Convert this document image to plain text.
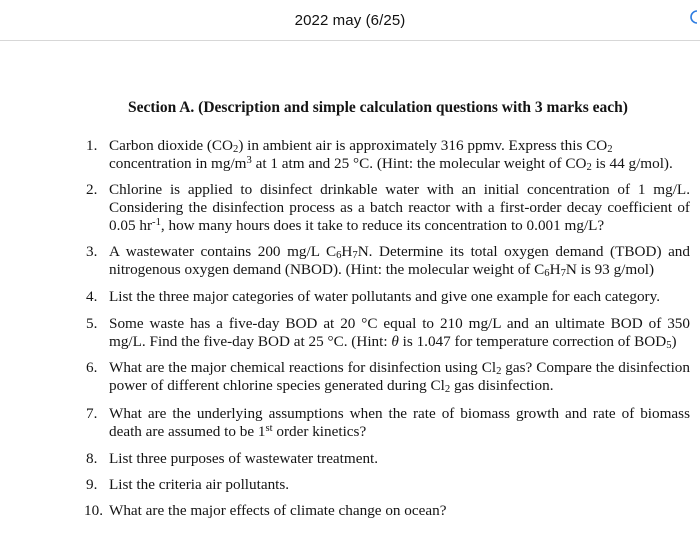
2022 may (6/25)
Section A. (Description and simple calculation questions with 3 marks each)
1. Carbon dioxide $(CO_2)$ in ambient air is approximately 316 ppmv. Express this $CO_2$
concentration in $mg/m^3$ at 1 atm and 25 °C. (Hint: the molecular weight of $CO_2$ is 44 g/mol).
2. Chlorine is applied to disinfect drinkable water with an initial concentration of 1 mg/L. Considering the disinfection process as a batch reactor with a first-order decay coefficient of 0.05 $hr^{-1}$, how many hours does it take to reduce its concentration to 0.001 mg/L?
3. A wastewater contains 200 mg/L $C_6H_7N$. Determine its total oxygen demand (TBOD) and nitrogenous oxygen demand (NBOD). (Hint: the molecular weight of $C_6H_7N$ is 93 g/mol)
4. List the three major categories of water pollutants and give one example for each category.
5. Some waste has a five-day BOD at 20 °C equal to 210 mg/L and an ultimate BOD of 350 mg/L. Find the five-day BOD at 25 °C. (Hint: θ is 1.047 for temperature correction of $BOD_5$)
6. What are the major chemical reactions for disinfection using $Cl_2$ gas? Compare the disinfection power of different chlorine species generated during $Cl_2$ gas disinfection.
7. What are the underlying assumptions when the rate of biomass growth and rate of biomass death are assumed to be 1st order kinetics?
8. List three purposes of wastewater treatment.
9. List the criteria air pollutants.
10. What are the major effects of climate change on ocean?
